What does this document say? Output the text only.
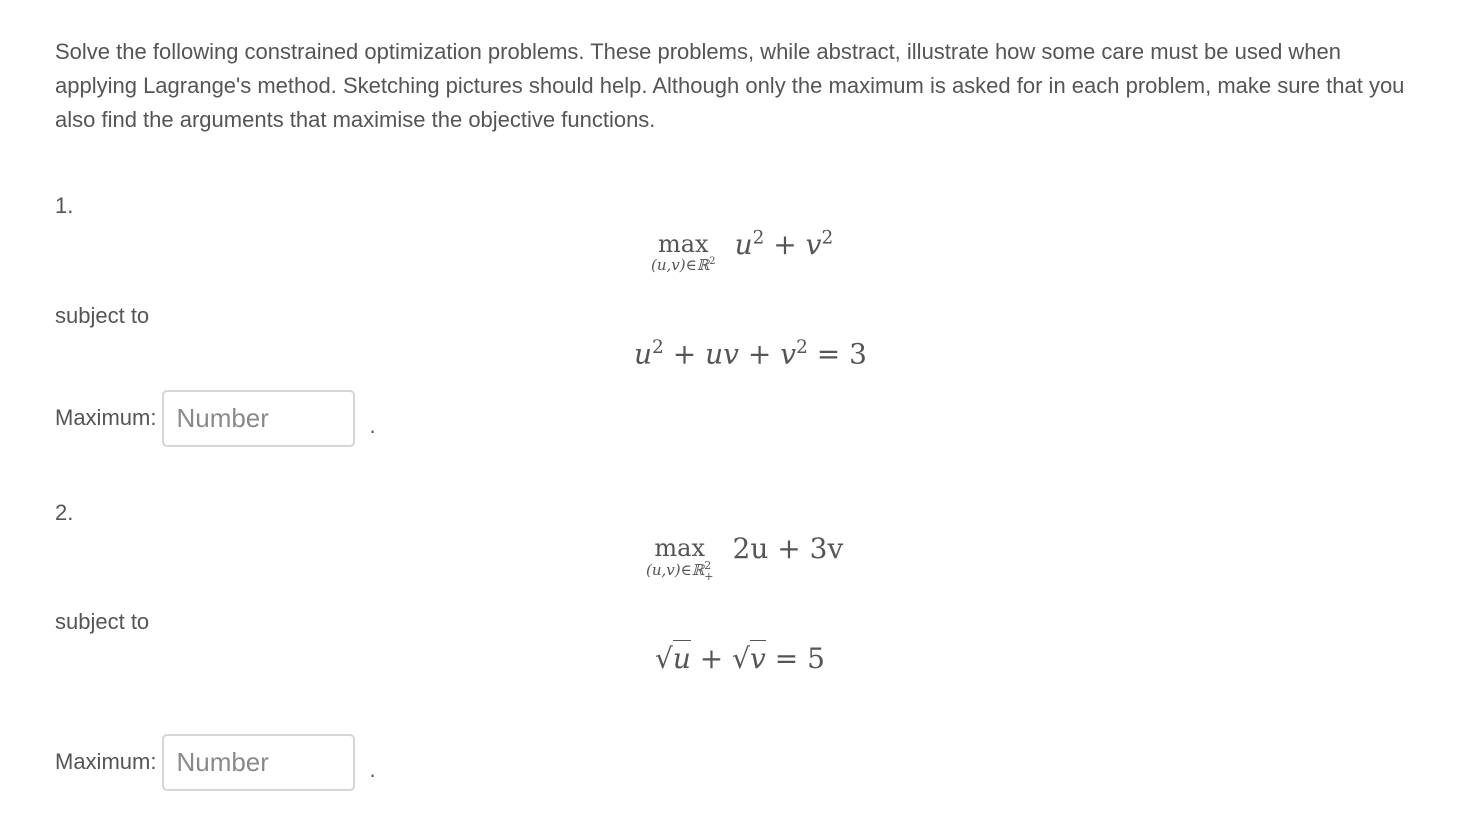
Solve the following constrained optimization problems. These problems, while abstract, illustrate how some care must be used when applying Lagrange's method. Sketching pictures should help. Although only the maximum is asked for in each problem, make sure that you also find the arguments that maximise the objective functions.

1.
max
(u,v)∈ℝ$^2$
$u^2 + v^2$
subject to
$u^2$ + uv + $v^2 = 3$
Maximum:
Number	.
2.
max
(u,v)∈ℝ 2
+
2u + 3v
subject to
√u + √v = 5
Maximum:
Number	.
